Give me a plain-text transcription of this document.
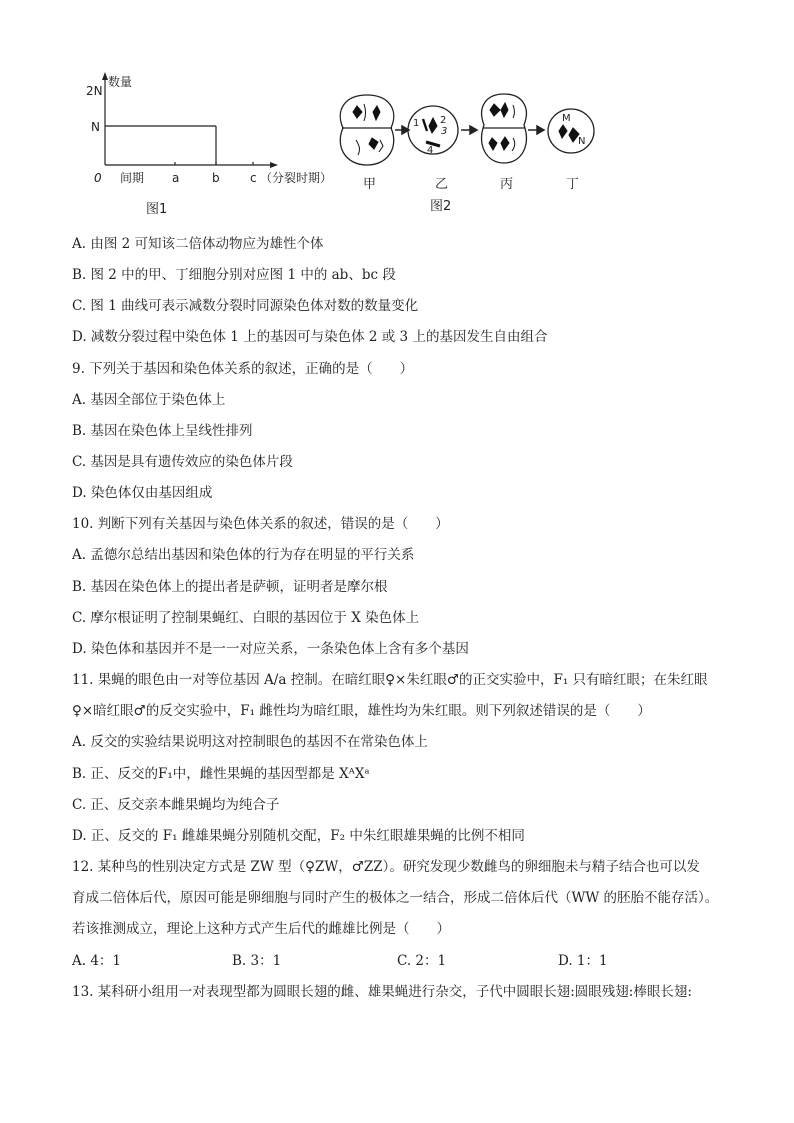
数量
2N
N
0 间期 a	b	c （分裂时期）
图1
1 2
3
4
M
N
甲	乙	丙	丁
图2
A. 由图 2 可知该二倍体动物应为雄性个体
B. 图 2 中的甲、丁细胞分别对应图 1 中的 ab、bc 段
C. 图 1 曲线可表示减数分裂时同源染色体对数的数量变化
D. 减数分裂过程中染色体 1 上的基因可与染色体 2 或 3 上的基因发生自由组合
9. 下列关于基因和染色体关系的叙述，正确的是（　　）
A. 基因全部位于染色体上
B. 基因在染色体上呈线性排列
C. 基因是具有遗传效应的染色体片段
D. 染色体仅由基因组成
10. 判断下列有关基因与染色体关系的叙述，错误的是（　　）
A. 孟德尔总结出基因和染色体的行为存在明显的平行关系
B. 基因在染色体上的提出者是萨顿，证明者是摩尔根
C. 摩尔根证明了控制果蝇红、白眼的基因位于 X 染色体上
D. 染色体和基因并不是一一对应关系，一条染色体上含有多个基因
11. 果蝇的眼色由一对等位基因 A/a 控制。在暗红眼♀×朱红眼♂的正交实验中，F₁ 只有暗红眼；在朱红眼
♀×暗红眼♂的反交实验中，F₁ 雌性均为暗红眼，雄性均为朱红眼。则下列叙述错误的是（　　）
A. 反交的实验结果说明这对控制眼色的基因不在常染色体上
B. 正、反交的F₁中，雌性果蝇的基因型都是 XᴬXᵃ
C. 正、反交亲本雌果蝇均为纯合子
D. 正、反交的 F₁ 雌雄果蝇分别随机交配，F₂ 中朱红眼雄果蝇的比例不相同
12. 某种鸟的性别决定方式是 ZW 型（♀ZW，♂ZZ）。研究发现少数雌鸟的卵细胞未与精子结合也可以发
育成二倍体后代，原因可能是卵细胞与同时产生的极体之一结合，形成二倍体后代（WW 的胚胎不能存活）。
若该推测成立，理论上这种方式产生后代的雌雄比例是（　　）
A. 4：1	B. 3：1	C. 2：1	D. 1：1
13. 某科研小组用一对表现型都为圆眼长翅的雌、雄果蝇进行杂交，子代中圆眼长翅:圆眼残翅:棒眼长翅:
